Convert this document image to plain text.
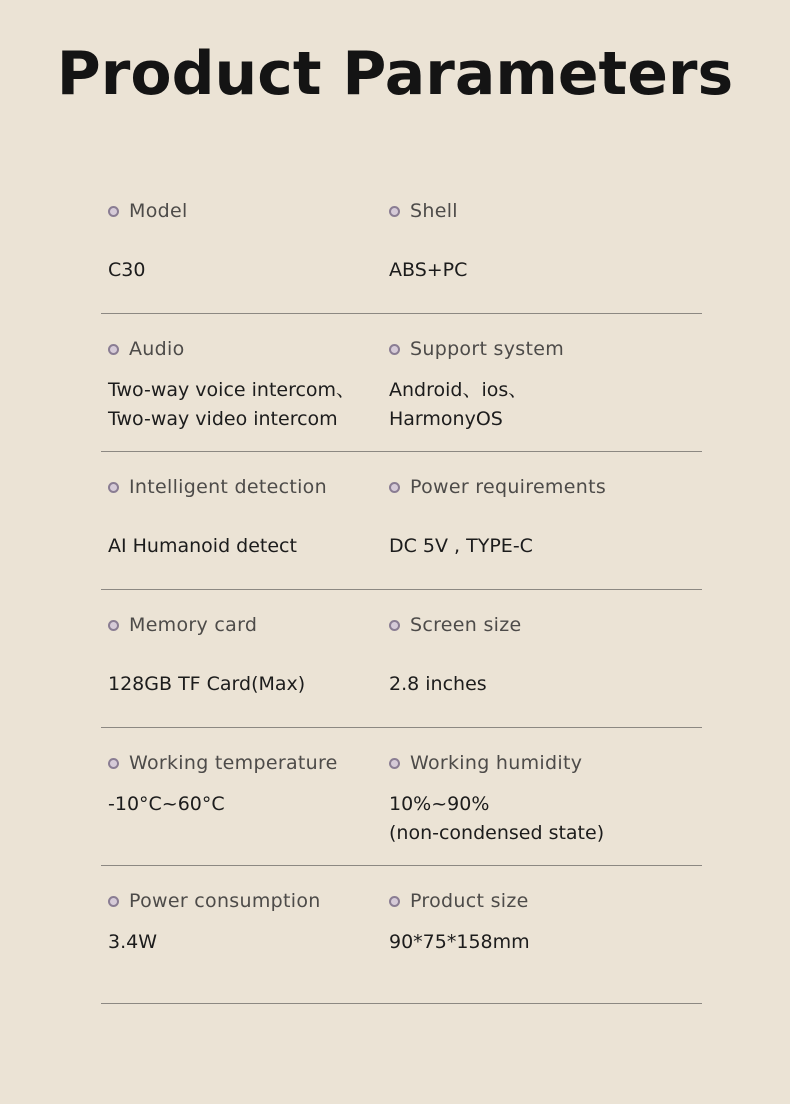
Product Parameters
Model
C30
Shell
ABS+PC
Audio
Two-way voice intercom、
Two-way video intercom
Support system
Android、ios、
HarmonyOS
Intelligent detection
AI Humanoid detect
Power requirements
DC 5V , TYPE-C
Memory card
128GB TF Card(Max)
Screen size
2.8 inches
Working temperature
-10°C~60°C
Working humidity
10%~90%
(non-condensed state)
Power consumption
3.4W
Product size
90*75*158mm
